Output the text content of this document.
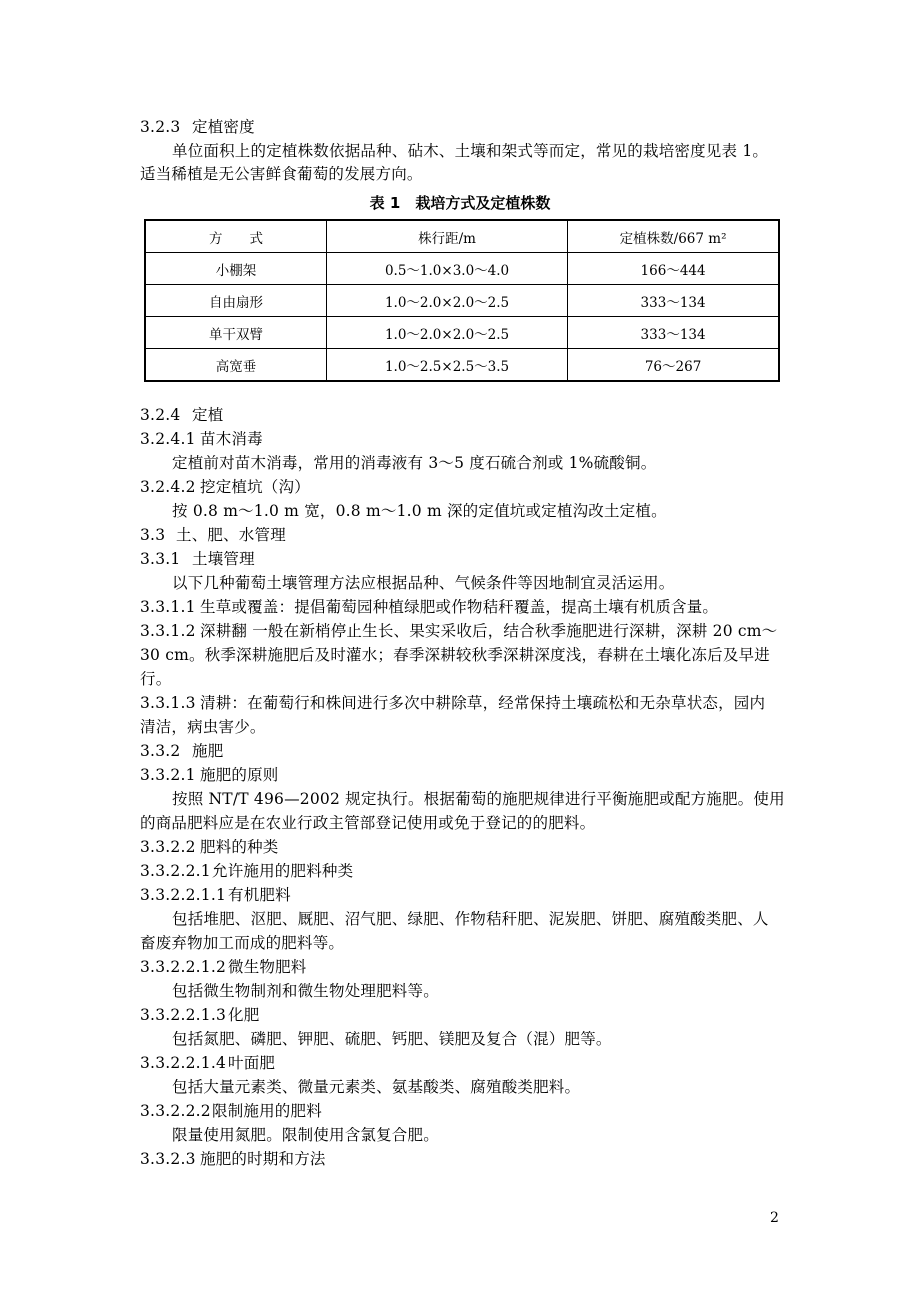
3.2.3 定植密度
单位面积上的定植株数依据品种、砧木、土壤和架式等而定，常见的栽培密度见表 1。
适当稀植是无公害鲜食葡萄的发展方向。
表 1　栽培方式及定植株数
方　　式	株行距/m	定植株数/667 m²
小棚架	0.5～1.0×3.0～4.0	166～444
自由扇形	1.0～2.0×2.0～2.5	333～134
单干双臂	1.0～2.0×2.0～2.5	333～134
高宽垂	1.0～2.5×2.5～3.5	76～267
3.2.4 定植
3.2.4.1 苗木消毒
定植前对苗木消毒，常用的消毒液有 3～5 度石硫合剂或 1%硫酸铜。
3.2.4.2 挖定植坑（沟）
按 0.8 m～1.0 m 宽，0.8 m～1.0 m 深的定值坑或定植沟改土定植。
3.3 土、肥、水管理
3.3.1 土壤管理
以下几种葡萄土壤管理方法应根据品种、气候条件等因地制宜灵活运用。
3.3.1.1 生草或覆盖：提倡葡萄园种植绿肥或作物秸秆覆盖，提高土壤有机质含量。
3.3.1.2 深耕翻 一般在新梢停止生长、果实采收后，结合秋季施肥进行深耕，深耕 20 cm～
30 cm。秋季深耕施肥后及时灌水；春季深耕较秋季深耕深度浅，春耕在土壤化冻后及早进
行。
3.3.1.3 清耕：在葡萄行和株间进行多次中耕除草，经常保持土壤疏松和无杂草状态，园内
清洁，病虫害少。
3.3.2 施肥
3.3.2.1 施肥的原则
按照 NT/T 496—2002 规定执行。根据葡萄的施肥规律进行平衡施肥或配方施肥。使用
的商品肥料应是在农业行政主管部登记使用或免于登记的的肥料。
3.3.2.2 肥料的种类
3.3.2.2.1允许施用的肥料种类
3.3.2.2.1.1 有机肥料
包括堆肥、沤肥、厩肥、沼气肥、绿肥、作物秸秆肥、泥炭肥、饼肥、腐殖酸类肥、人
畜废弃物加工而成的肥料等。
3.3.2.2.1.2 微生物肥料
包括微生物制剂和微生物处理肥料等。
3.3.2.2.1.3 化肥
包括氮肥、磷肥、钾肥、硫肥、钙肥、镁肥及复合（混）肥等。
3.3.2.2.1.4 叶面肥
包括大量元素类、微量元素类、氨基酸类、腐殖酸类肥料。
3.3.2.2.2限制施用的肥料
限量使用氮肥。限制使用含氯复合肥。
3.3.2.3 施肥的时期和方法
2
